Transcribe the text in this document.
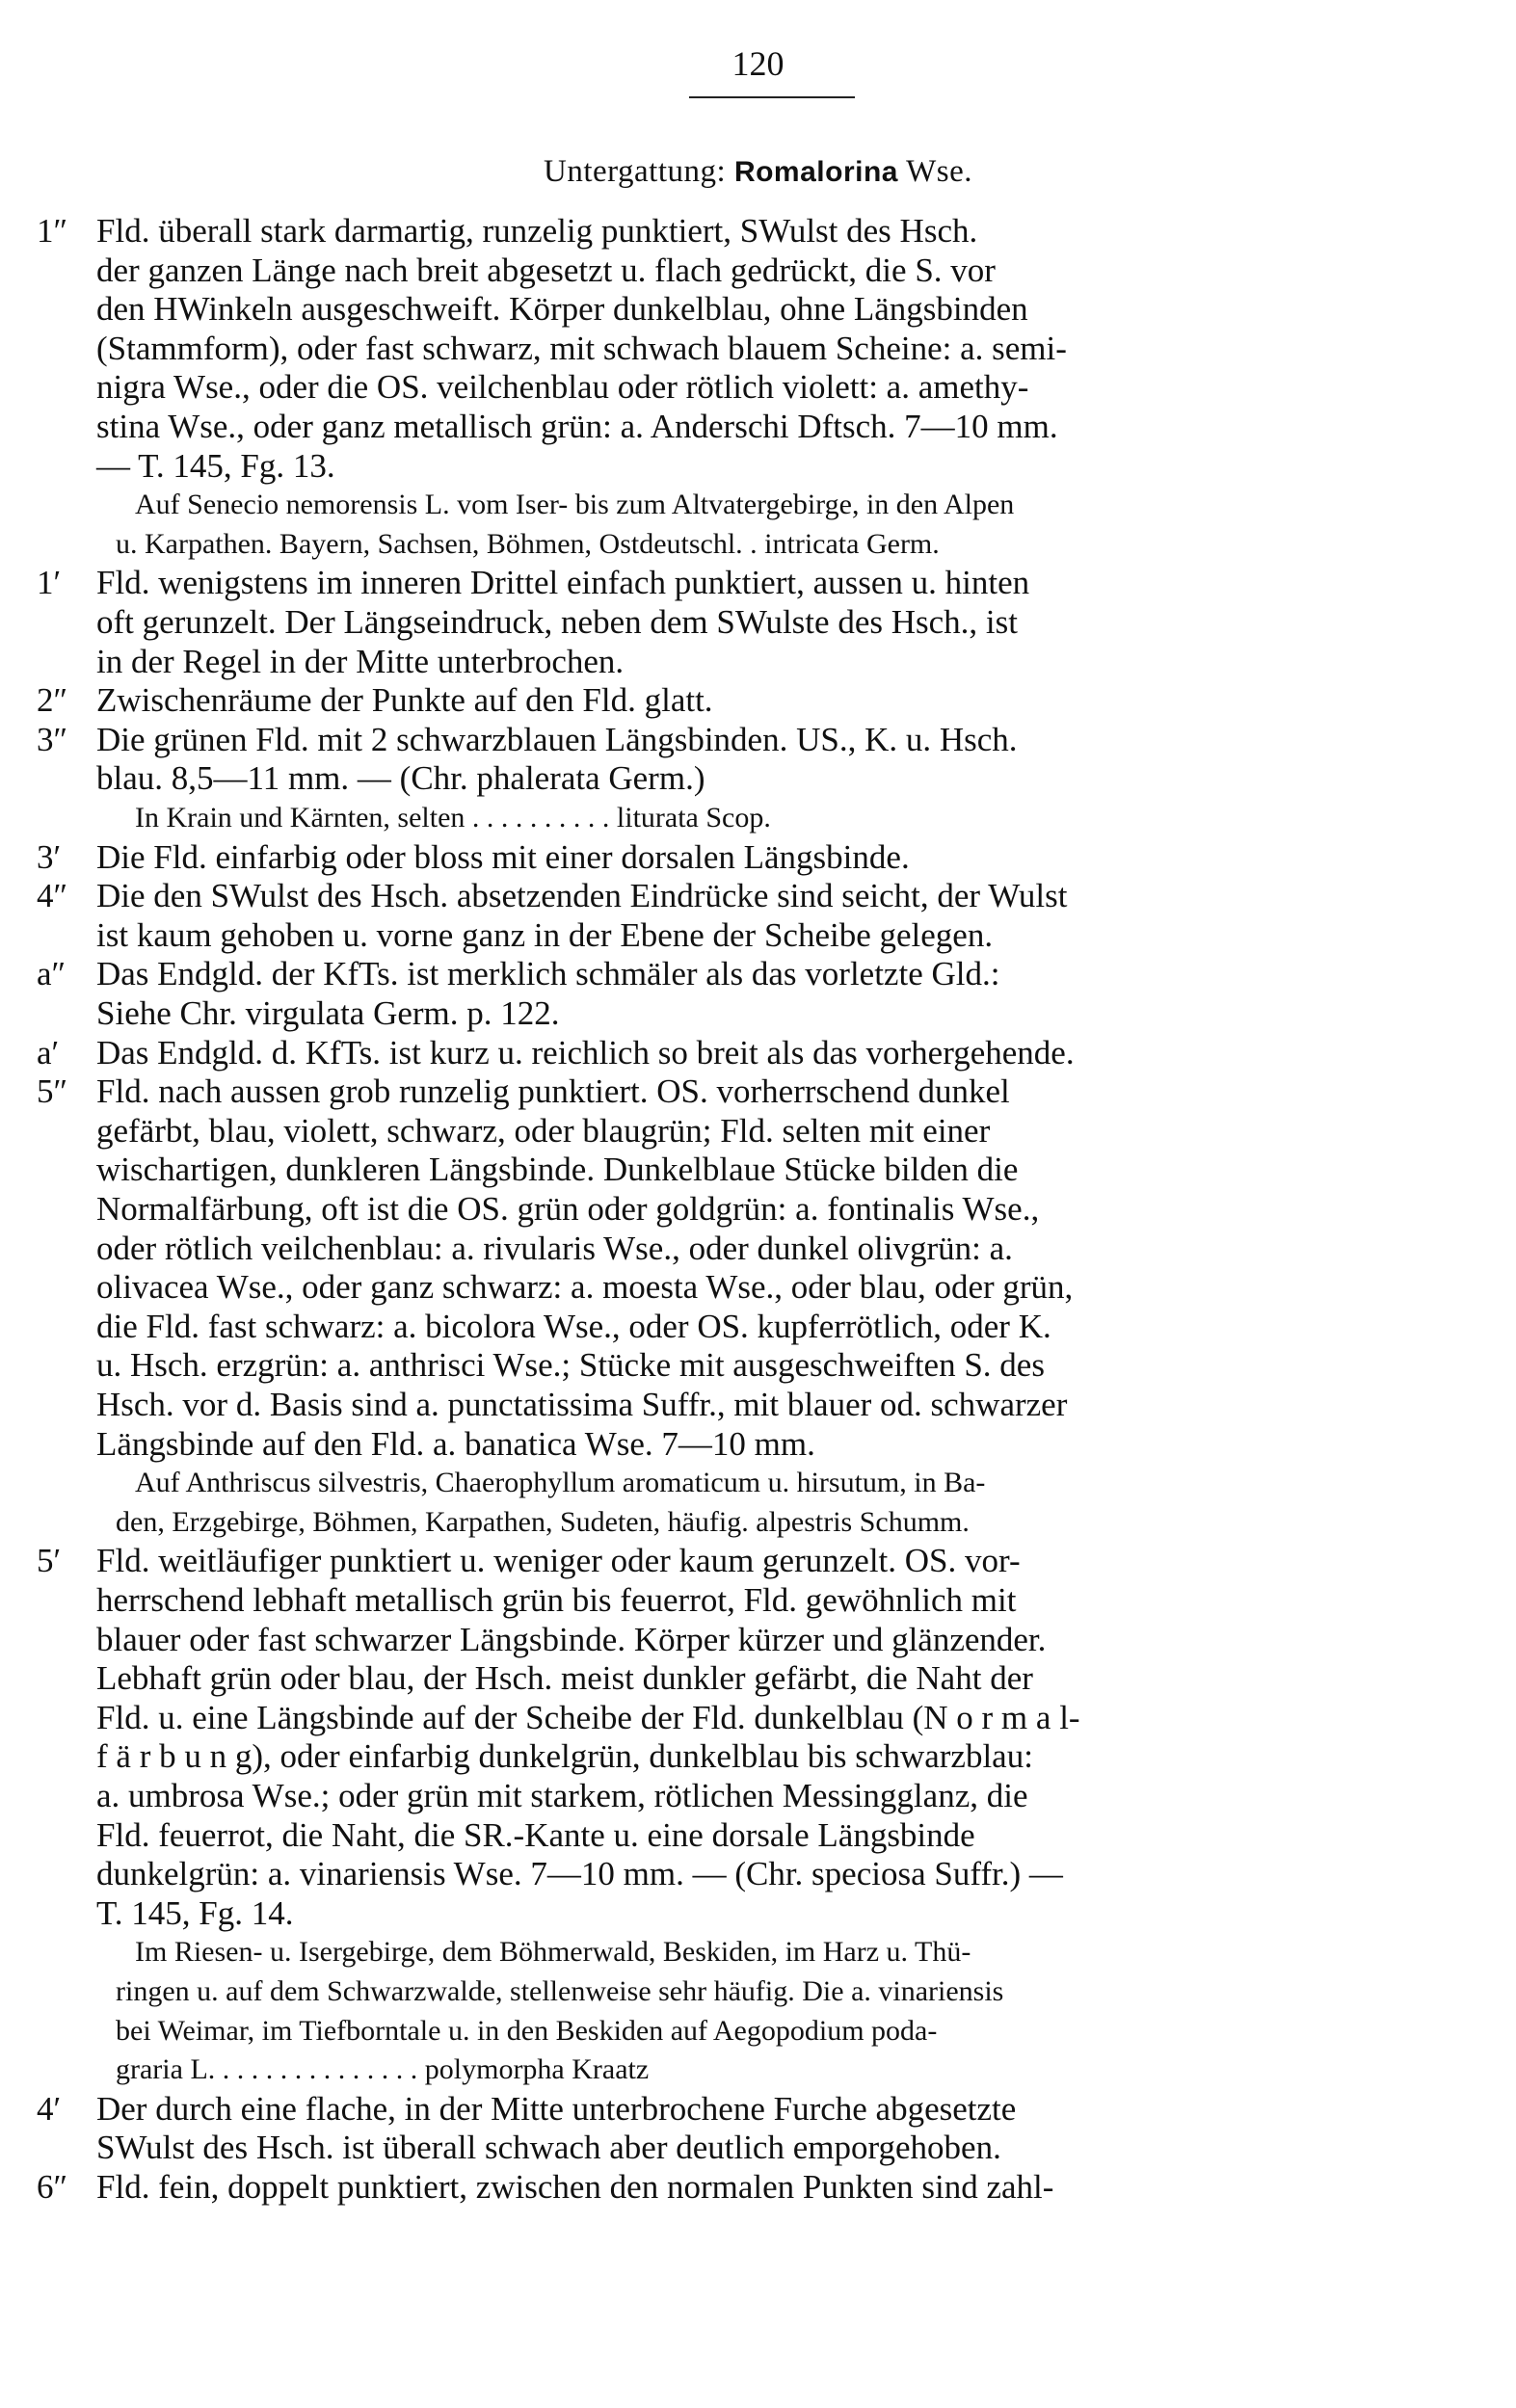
120
Untergattung: Romalorina Wse.
1″ Fld. überall stark darmartig, runzelig punktiert, SWulst des Hsch.
der ganzen Länge nach breit abgesetzt u. flach gedrückt, die S. vor
den HWinkeln ausgeschweift. Körper dunkelblau, ohne Längsbinden
(Stammform), oder fast schwarz, mit schwach blauem Scheine: a. semi-
nigra Wse., oder die OS. veilchenblau oder rötlich violett: a. amethy-
stina Wse., oder ganz metallisch grün: a. Anderschi Dftsch. 7—10 mm.
— T. 145, Fg. 13.
Auf Senecio nemorensis L. vom Iser- bis zum Altvatergebirge, in den Alpen
u. Karpathen. Bayern, Sachsen, Böhmen, Ostdeutschl. . intricata Germ.
1′ Fld. wenigstens im inneren Drittel einfach punktiert, aussen u. hinten
oft gerunzelt. Der Längseindruck, neben dem SWulste des Hsch., ist
in der Regel in der Mitte unterbrochen.
2″ Zwischenräume der Punkte auf den Fld. glatt.
3″ Die grünen Fld. mit 2 schwarzblauen Längsbinden. US., K. u. Hsch.
blau. 8,5—11 mm. — (Chr. phalerata Germ.)
In Krain und Kärnten, selten . . . . . . . . . . liturata Scop.
3′ Die Fld. einfarbig oder bloss mit einer dorsalen Längsbinde.
4″ Die den SWulst des Hsch. absetzenden Eindrücke sind seicht, der Wulst
ist kaum gehoben u. vorne ganz in der Ebene der Scheibe gelegen.
a″ Das Endgld. der KfTs. ist merklich schmäler als das vorletzte Gld.:
Siehe Chr. virgulata Germ. p. 122.
a′ Das Endgld. d. KfTs. ist kurz u. reichlich so breit als das vorhergehende.
5″ Fld. nach aussen grob runzelig punktiert. OS. vorherrschend dunkel
gefärbt, blau, violett, schwarz, oder blaugrün; Fld. selten mit einer
wischartigen, dunkleren Längsbinde. Dunkelblaue Stücke bilden die
Normalfärbung, oft ist die OS. grün oder goldgrün: a. fontinalis Wse.,
oder rötlich veilchenblau: a. rivularis Wse., oder dunkel olivgrün: a.
olivacea Wse., oder ganz schwarz: a. moesta Wse., oder blau, oder grün,
die Fld. fast schwarz: a. bicolora Wse., oder OS. kupferrötlich, oder K.
u. Hsch. erzgrün: a. anthrisci Wse.; Stücke mit ausgeschweiften S. des
Hsch. vor d. Basis sind a. punctatissima Suffr., mit blauer od. schwarzer
Längsbinde auf den Fld. a. banatica Wse. 7—10 mm.
Auf Anthriscus silvestris, Chaerophyllum aromaticum u. hirsutum, in Ba-
den, Erzgebirge, Böhmen, Karpathen, Sudeten, häufig. alpestris Schumm.
5′ Fld. weitläufiger punktiert u. weniger oder kaum gerunzelt. OS. vor-
herrschend lebhaft metallisch grün bis feuerrot, Fld. gewöhnlich mit
blauer oder fast schwarzer Längsbinde. Körper kürzer und glänzender.
Lebhaft grün oder blau, der Hsch. meist dunkler gefärbt, die Naht der
Fld. u. eine Längsbinde auf der Scheibe der Fld. dunkelblau (N o r m a l-
f ä r b u n g), oder einfarbig dunkelgrün, dunkelblau bis schwarzblau:
a. umbrosa Wse.; oder grün mit starkem, rötlichen Messingglanz, die
Fld. feuerrot, die Naht, die SR.-Kante u. eine dorsale Längsbinde
dunkelgrün: a. vinariensis Wse. 7—10 mm. — (Chr. speciosa Suffr.) —
T. 145, Fg. 14.
Im Riesen- u. Isergebirge, dem Böhmerwald, Beskiden, im Harz u. Thü-
ringen u. auf dem Schwarzwalde, stellenweise sehr häufig. Die a. vinariensis
bei Weimar, im Tiefborntale u. in den Beskiden auf Aegopodium poda-
graria L. . . . . . . . . . . . . . . polymorpha Kraatz
4′ Der durch eine flache, in der Mitte unterbrochene Furche abgesetzte
SWulst des Hsch. ist überall schwach aber deutlich emporgehoben.
6″ Fld. fein, doppelt punktiert, zwischen den normalen Punkten sind zahl-
